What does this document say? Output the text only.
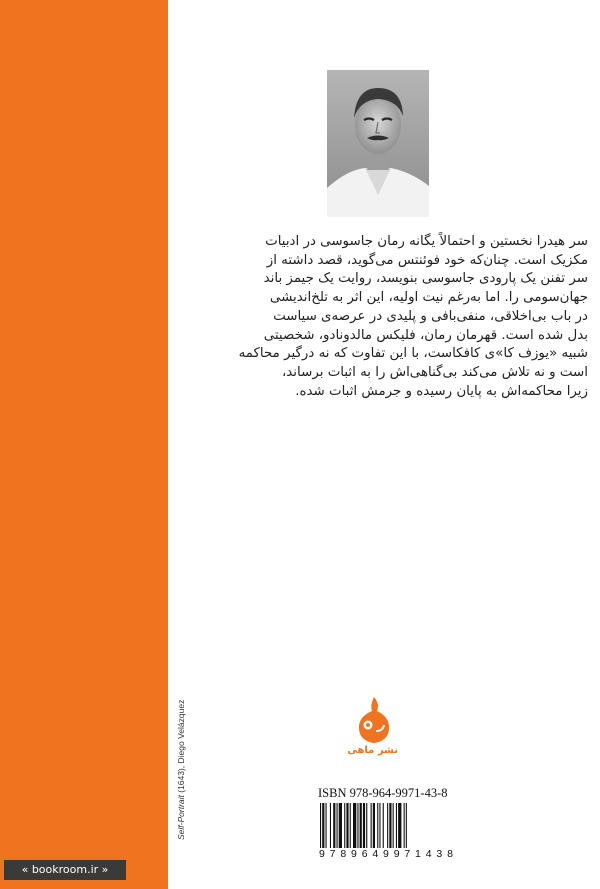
« bookroom.ir »
Self-Portrait (1643), Diego Velázquez
سر هیدرا نخستین و احتمالاً یگانه رمان جاسوسی در ادبیات
مکزیک است. چنان‌که خود فوئنتس می‌گوید، قصد داشته از
سر تفنن یک پارودی جاسوسی بنویسد، روایت یک جیمز باند
جهان‌سومی را. اما به‌رغم نیت اولیه، این اثر به تلخ‌اندیشی
در باب بی‌اخلاقی، منفی‌بافی و پلیدی در عرصه‌ی سیاست
بدل شده است. قهرمان رمان، فلیکس مالدونادو، شخصیتی
شبیه «یوزف کا»ی کافکاست، با این تفاوت که نه درگیر محاکمه
است و نه تلاش می‌کند بی‌گناهی‌اش را به اثبات برساند،
زیرا محاکمه‌اش به پایان رسیده و جرمش اثبات شده.
نشر ماهی
ISBN 978-964-9971-43-8
9 7 8 9 6 4 9 9 7 1 4 3 8
